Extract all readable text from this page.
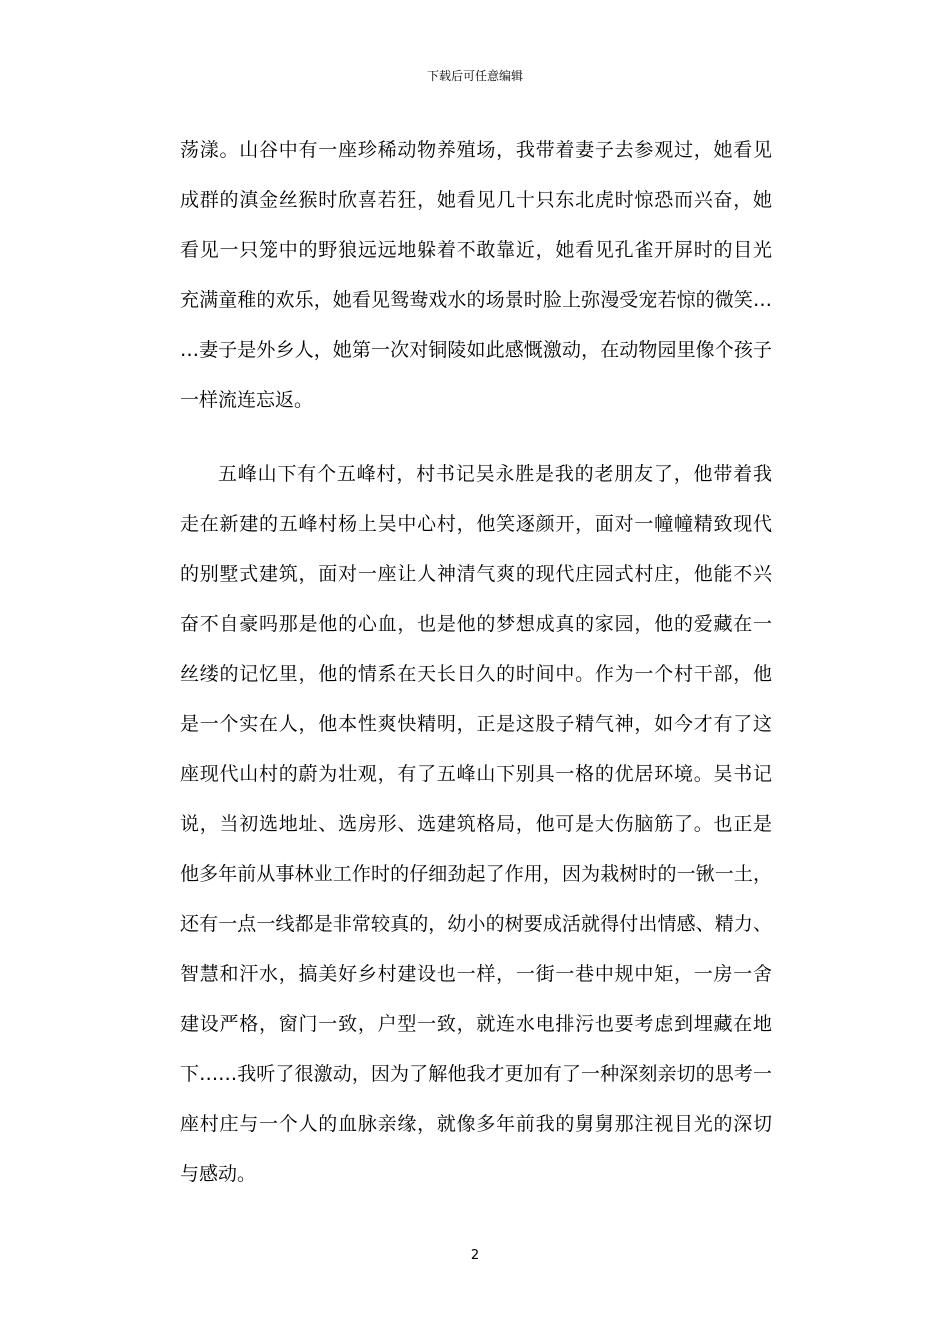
下载后可任意编辑
荡漾。山谷中有一座珍稀动物养殖场，我带着妻子去参观过，她看见
成群的滇金丝猴时欣喜若狂，她看见几十只东北虎时惊恐而兴奋，她
看见一只笼中的野狼远远地躲着不敢靠近，她看见孔雀开屏时的目光
充满童稚的欢乐，她看见鸳鸯戏水的场景时脸上弥漫受宠若惊的微笑…
…妻子是外乡人，她第一次对铜陵如此感慨激动，在动物园里像个孩子
一样流连忘返。
五峰山下有个五峰村，村书记吴永胜是我的老朋友了，他带着我
走在新建的五峰村杨上吴中心村，他笑逐颜开，面对一幢幢精致现代
的别墅式建筑，面对一座让人神清气爽的现代庄园式村庄，他能不兴
奋不自豪吗那是他的心血，也是他的梦想成真的家园，他的爱藏在一
丝缕的记忆里，他的情系在天长日久的时间中。作为一个村干部，他
是一个实在人，他本性爽快精明，正是这股子精气神，如今才有了这
座现代山村的蔚为壮观，有了五峰山下别具一格的优居环境。吴书记
说，当初选地址、选房形、选建筑格局，他可是大伤脑筋了。也正是
他多年前从事林业工作时的仔细劲起了作用，因为栽树时的一锹一土，
还有一点一线都是非常较真的，幼小的树要成活就得付出情感、精力、
智慧和汗水，搞美好乡村建设也一样，一街一巷中规中矩，一房一舍
建设严格，窗门一致，户型一致，就连水电排污也要考虑到埋藏在地
下……我听了很激动，因为了解他我才更加有了一种深刻亲切的思考一
座村庄与一个人的血脉亲缘，就像多年前我的舅舅那注视目光的深切
与感动。
2
